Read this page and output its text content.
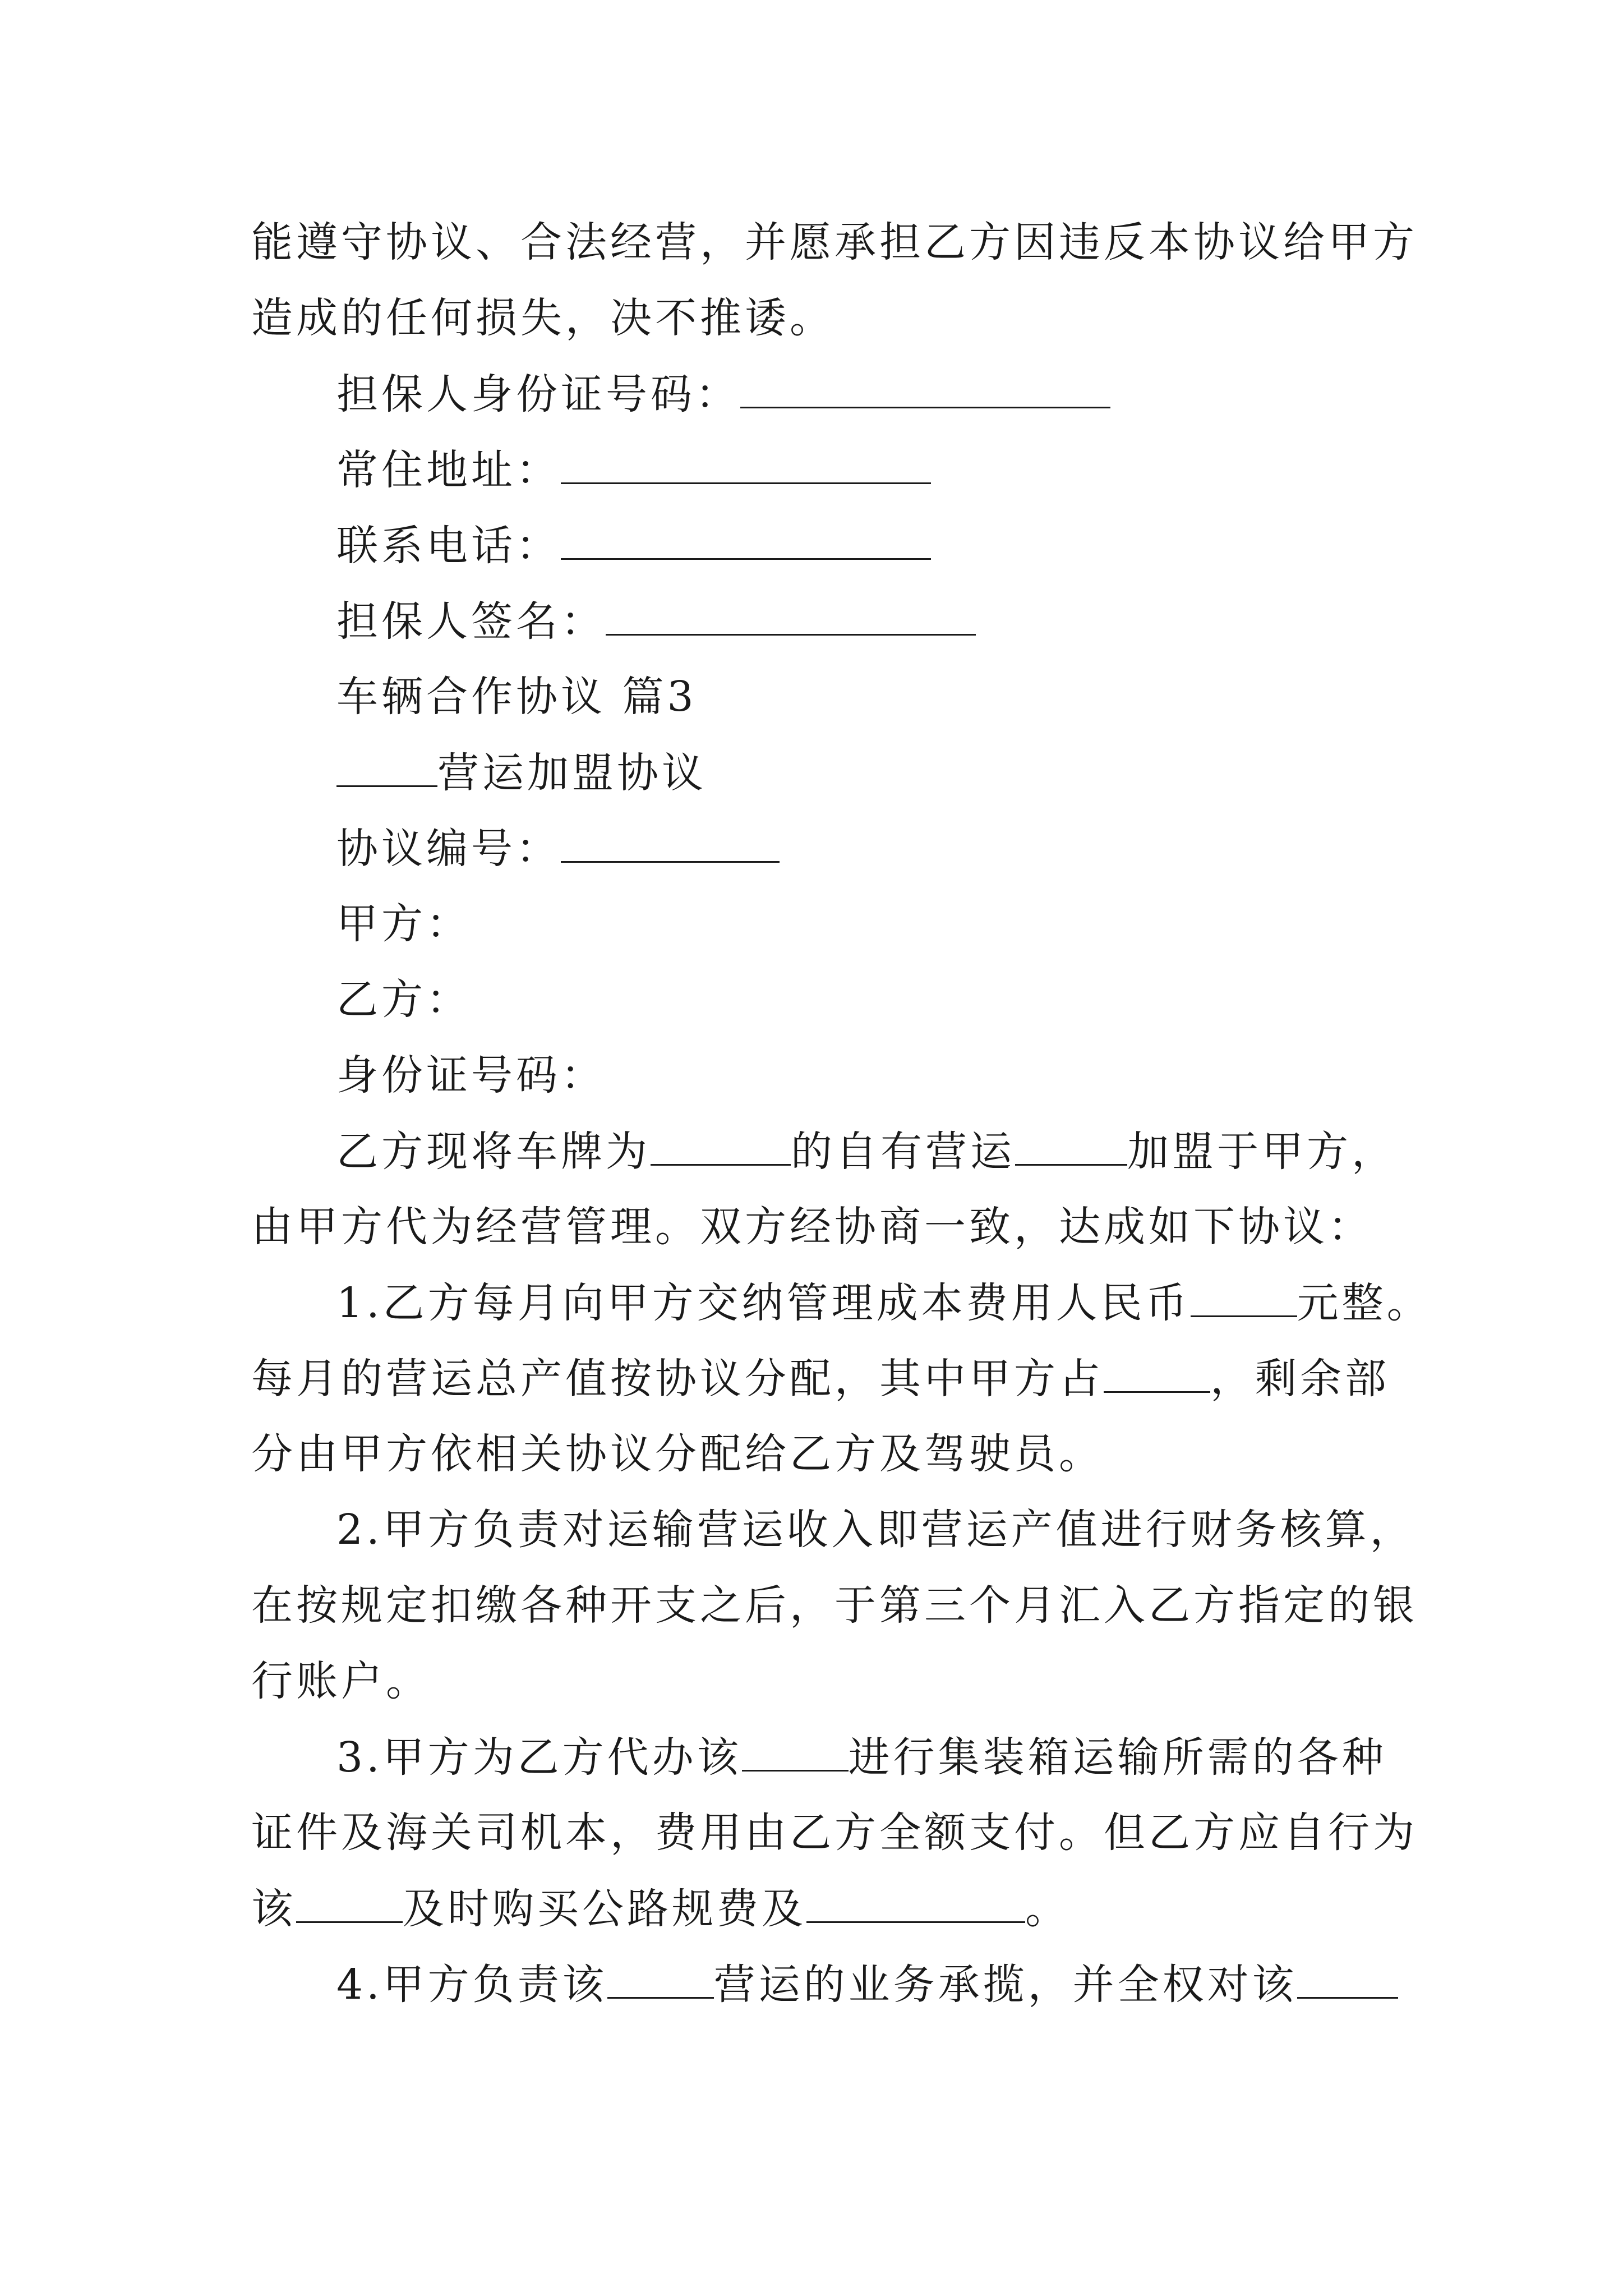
能遵守协议、合法经营，并愿承担乙方因违反本协议给甲方
造成的任何损失，决不推诿。
担保人身份证号码：
常住地址：
联系电话：
担保人签名：
车辆合作协议 篇3
营运加盟协议
协议编号：
甲方：
乙方：
身份证号码：
乙方现将车牌为	的自有营运	加盟于甲方，
由甲方代为经营管理。双方经协商一致，达成如下协议：
1.乙方每月向甲方交纳管理成本费用人民币	元整。
每月的营运总产值按协议分配，其中甲方占	，剩余部
分由甲方依相关协议分配给乙方及驾驶员。
2.甲方负责对运输营运收入即营运产值进行财务核算，
在按规定扣缴各种开支之后，于第三个月汇入乙方指定的银
行账户。
3.甲方为乙方代办该	进行集装箱运输所需的各种
证件及海关司机本，费用由乙方全额支付。但乙方应自行为
该	及时购买公路规费及	。
4.甲方负责该	营运的业务承揽，并全权对该
